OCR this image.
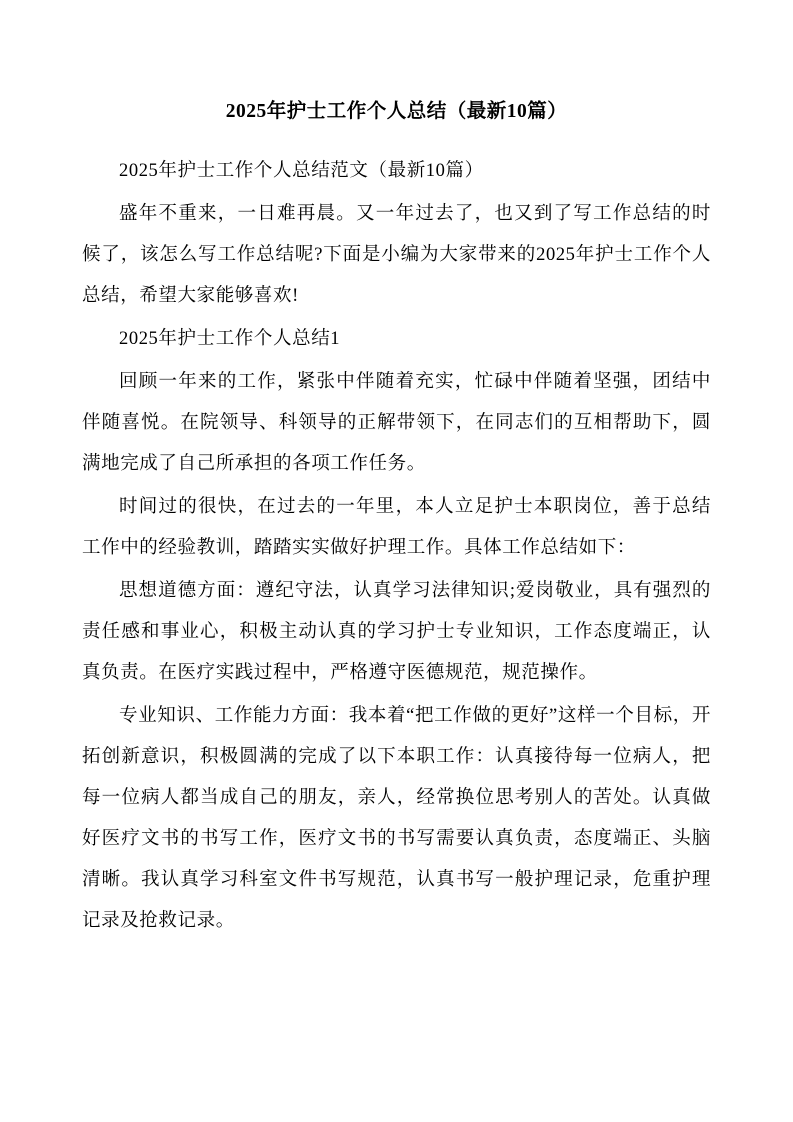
2025年护士工作个人总结（最新10篇）

2025年护士工作个人总结范文（最新10篇）

盛年不重来，一日难再晨。又一年过去了，也又到了写工作总结的时候了，该怎么写工作总结呢?下面是小编为大家带来的2025年护士工作个人总结，希望大家能够喜欢!

2025年护士工作个人总结1

回顾一年来的工作，紧张中伴随着充实，忙碌中伴随着坚强，团结中伴随喜悦。在院领导、科领导的正解带领下，在同志们的互相帮助下，圆满地完成了自己所承担的各项工作任务。

时间过的很快，在过去的一年里，本人立足护士本职岗位，善于总结工作中的经验教训，踏踏实实做好护理工作。具体工作总结如下：

思想道德方面：遵纪守法，认真学习法律知识;爱岗敬业，具有强烈的责任感和事业心，积极主动认真的学习护士专业知识，工作态度端正，认真负责。在医疗实践过程中，严格遵守医德规范，规范操作。

专业知识、工作能力方面：我本着“把工作做的更好”这样一个目标，开拓创新意识，积极圆满的完成了以下本职工作：认真接待每一位病人，把每一位病人都当成自己的朋友，亲人，经常换位思考别人的苦处。认真做好医疗文书的书写工作，医疗文书的书写需要认真负责，态度端正、头脑清晰。我认真学习科室文件书写规范，认真书写一般护理记录，危重护理记录及抢救记录。
